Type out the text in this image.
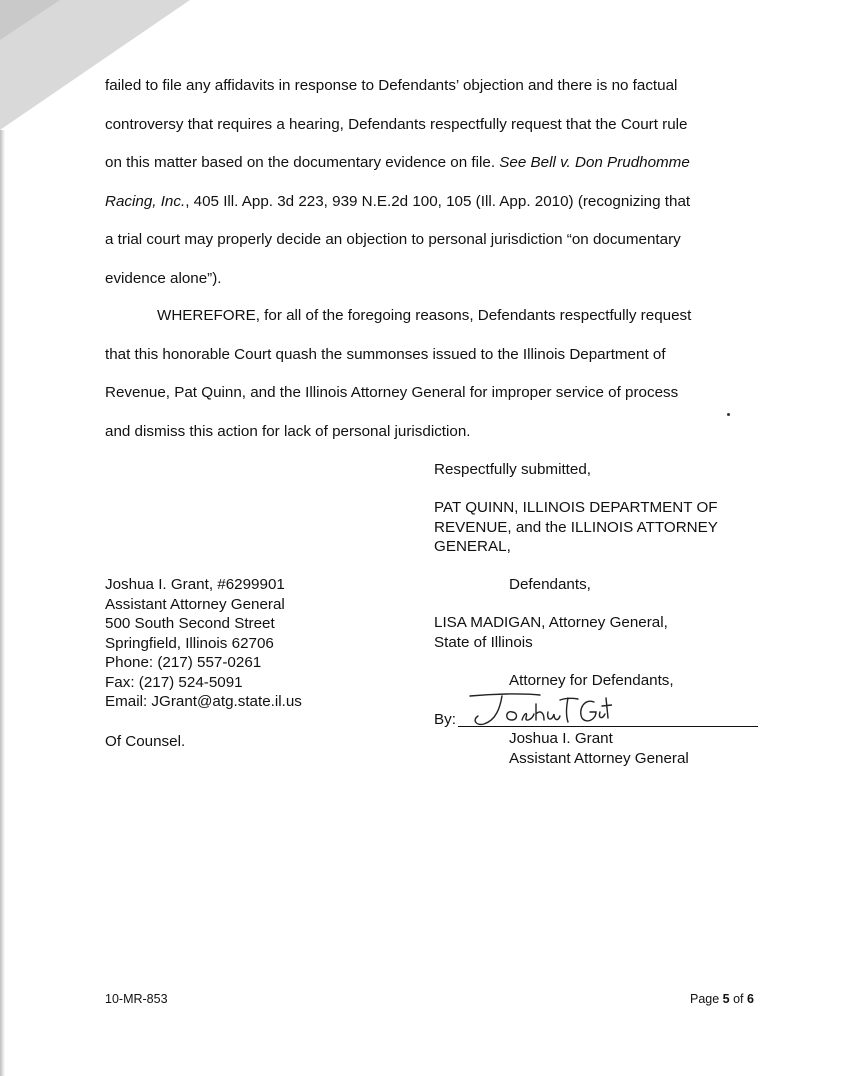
failed to file any affidavits in response to Defendants’ objection and there is no factual
controversy that requires a hearing, Defendants respectfully request that the Court rule
on this matter based on the documentary evidence on file. See Bell v. Don Prudhomme
Racing, Inc., 405 Ill. App. 3d 223, 939 N.E.2d 100, 105 (Ill. App. 2010) (recognizing that
a trial court may properly decide an objection to personal jurisdiction “on documentary
evidence alone”).
WHEREFORE, for all of the foregoing reasons, Defendants respectfully request
that this honorable Court quash the summonses issued to the Illinois Department of
Revenue, Pat Quinn, and the Illinois Attorney General for improper service of process
and dismiss this action for lack of personal jurisdiction.
Respectfully submitted,
PAT QUINN, ILLINOIS DEPARTMENT OF
REVENUE, and the ILLINOIS ATTORNEY
GENERAL,
Defendants,
LISA MADIGAN, Attorney General,
State of Illinois
Attorney for Defendants,
By:
Joshua I. Grant
Assistant Attorney General
Joshua I. Grant, #6299901
Assistant Attorney General
500 South Second Street
Springfield, Illinois 62706
Phone: (217) 557-0261
Fax: (217) 524-5091
Email: JGrant@atg.state.il.us
Of Counsel.
10-MR-853	Page 5 of 6
